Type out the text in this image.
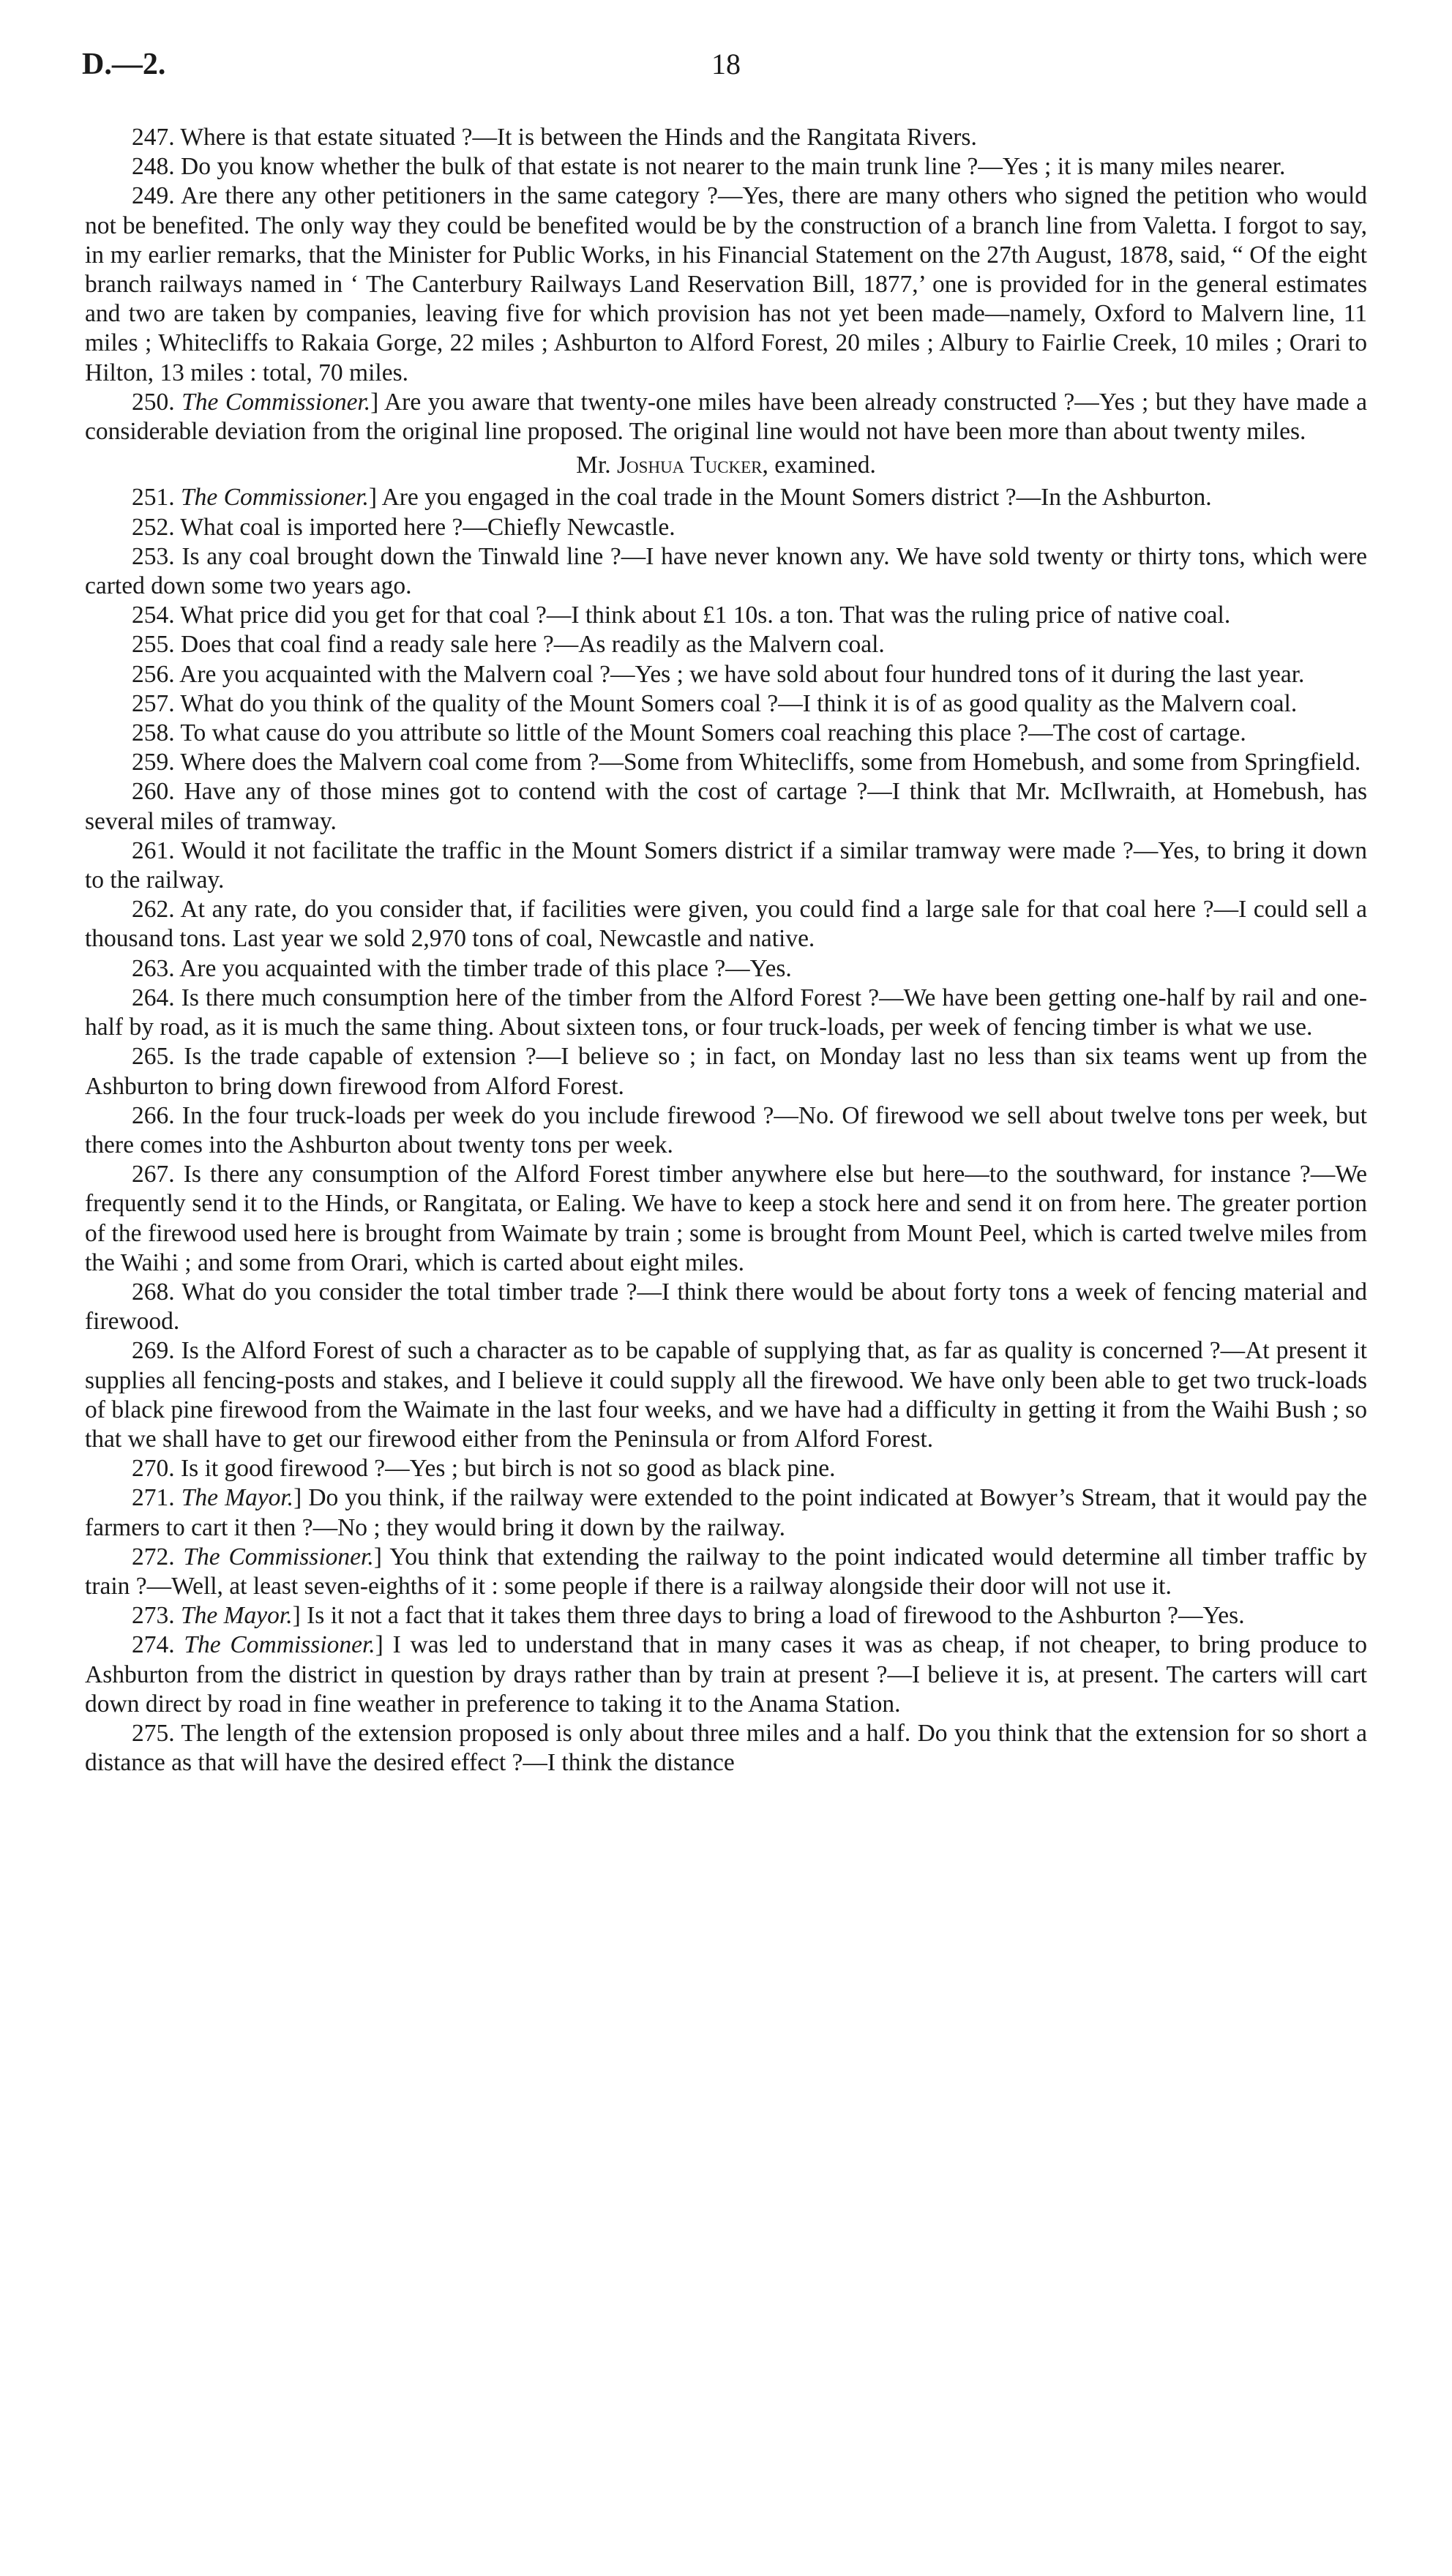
D.—2.	18

247. Where is that estate situated ?—It is between the Hinds and the Rangitata Rivers.

248. Do you know whether the bulk of that estate is not nearer to the main trunk line ?—Yes ; it is many miles nearer.

249. Are there any other petitioners in the same category ?—Yes, there are many others who signed the petition who would not be benefited. The only way they could be benefited would be by the construction of a branch line from Valetta. I forgot to say, in my earlier remarks, that the Minister for Public Works, in his Financial Statement on the 27th August, 1878, said, “ Of the eight branch railways named in ‘ The Canterbury Railways Land Reservation Bill, 1877,’ one is provided for in the general estimates and two are taken by companies, leaving five for which provision has not yet been made—namely, Oxford to Malvern line, 11 miles ; Whitecliffs to Rakaia Gorge, 22 miles ; Ashburton to Alford Forest, 20 miles ; Albury to Fairlie Creek, 10 miles ; Orari to Hilton, 13 miles : total, 70 miles.

250. The Commissioner.] Are you aware that twenty-one miles have been already constructed ?—Yes ; but they have made a considerable deviation from the original line proposed. The original line would not have been more than about twenty miles.

Mr. Joshua Tucker, examined.

251. The Commissioner.] Are you engaged in the coal trade in the Mount Somers district ?—In the Ashburton.

252. What coal is imported here ?—Chiefly Newcastle.

253. Is any coal brought down the Tinwald line ?—I have never known any. We have sold twenty or thirty tons, which were carted down some two years ago.

254. What price did you get for that coal ?—I think about £1 10s. a ton. That was the ruling price of native coal.

255. Does that coal find a ready sale here ?—As readily as the Malvern coal.

256. Are you acquainted with the Malvern coal ?—Yes ; we have sold about four hundred tons of it during the last year.

257. What do you think of the quality of the Mount Somers coal ?—I think it is of as good quality as the Malvern coal.

258. To what cause do you attribute so little of the Mount Somers coal reaching this place ?—The cost of cartage.

259. Where does the Malvern coal come from ?—Some from Whitecliffs, some from Homebush, and some from Springfield.

260. Have any of those mines got to contend with the cost of cartage ?—I think that Mr. McIlwraith, at Homebush, has several miles of tramway.

261. Would it not facilitate the traffic in the Mount Somers district if a similar tramway were made ?—Yes, to bring it down to the railway.

262. At any rate, do you consider that, if facilities were given, you could find a large sale for that coal here ?—I could sell a thousand tons. Last year we sold 2,970 tons of coal, Newcastle and native.

263. Are you acquainted with the timber trade of this place ?—Yes.

264. Is there much consumption here of the timber from the Alford Forest ?—We have been getting one-half by rail and one-half by road, as it is much the same thing. About sixteen tons, or four truck-loads, per week of fencing timber is what we use.

265. Is the trade capable of extension ?—I believe so ; in fact, on Monday last no less than six teams went up from the Ashburton to bring down firewood from Alford Forest.

266. In the four truck-loads per week do you include firewood ?—No. Of firewood we sell about twelve tons per week, but there comes into the Ashburton about twenty tons per week.

267. Is there any consumption of the Alford Forest timber anywhere else but here—to the southward, for instance ?—We frequently send it to the Hinds, or Rangitata, or Ealing. We have to keep a stock here and send it on from here. The greater portion of the firewood used here is brought from Waimate by train ; some is brought from Mount Peel, which is carted twelve miles from the Waihi ; and some from Orari, which is carted about eight miles.

268. What do you consider the total timber trade ?—I think there would be about forty tons a week of fencing material and firewood.

269. Is the Alford Forest of such a character as to be capable of supplying that, as far as quality is concerned ?—At present it supplies all fencing-posts and stakes, and I believe it could supply all the firewood. We have only been able to get two truck-loads of black pine firewood from the Waimate in the last four weeks, and we have had a difficulty in getting it from the Waihi Bush ; so that we shall have to get our firewood either from the Peninsula or from Alford Forest.

270. Is it good firewood ?—Yes ; but birch is not so good as black pine.

271. The Mayor.] Do you think, if the railway were extended to the point indicated at Bowyer’s Stream, that it would pay the farmers to cart it then ?—No ; they would bring it down by the railway.

272. The Commissioner.] You think that extending the railway to the point indicated would determine all timber traffic by train ?—Well, at least seven-eighths of it : some people if there is a railway alongside their door will not use it.

273. The Mayor.] Is it not a fact that it takes them three days to bring a load of firewood to the Ashburton ?—Yes.

274. The Commissioner.] I was led to understand that in many cases it was as cheap, if not cheaper, to bring produce to Ashburton from the district in question by drays rather than by train at present ?—I believe it is, at present. The carters will cart down direct by road in fine weather in preference to taking it to the Anama Station.

275. The length of the extension proposed is only about three miles and a half. Do you think that the extension for so short a distance as that will have the desired effect ?—I think the distance
